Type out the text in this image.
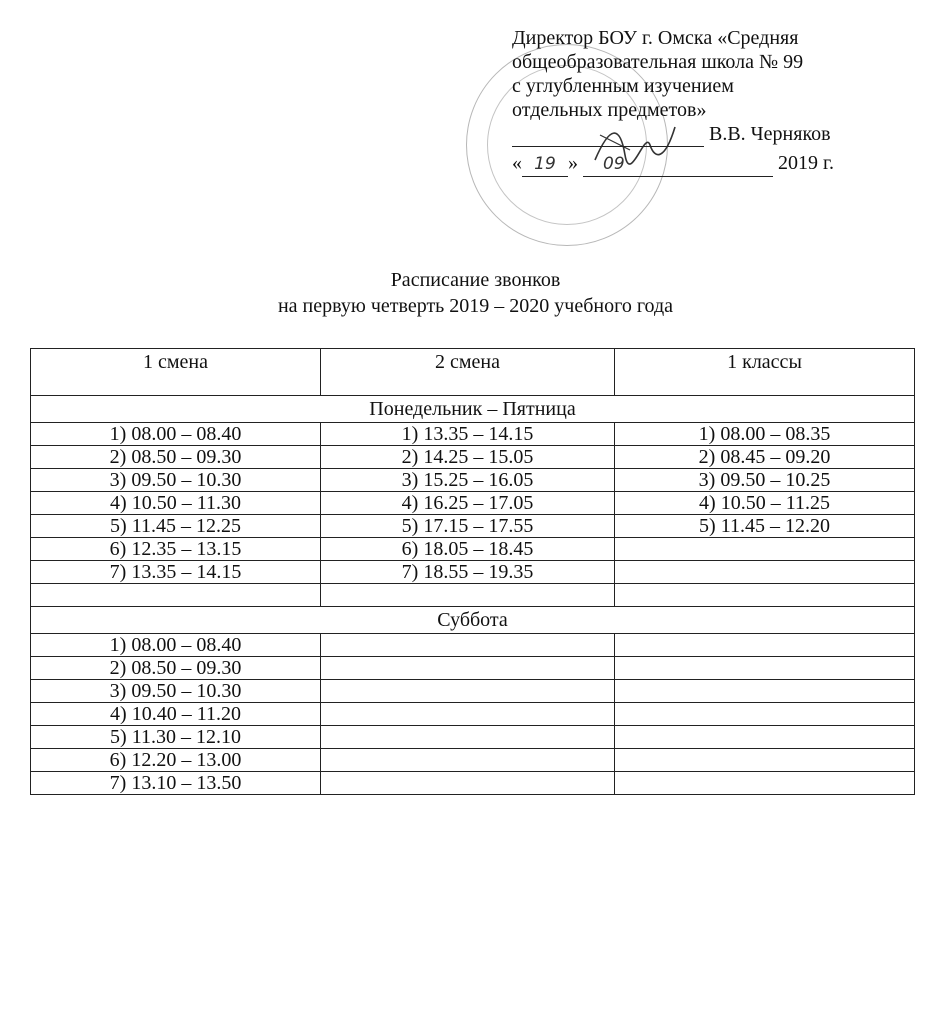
Директор БОУ г. Омска «Средняя
общеобразовательная школа № 99
с углубленным изучением
отдельных предметов»
В.В. Черняков
« 19 » 09	2019 г.
Расписание звонков
на первую четверть 2019 – 2020 учебного года
1 смена	2 смена	1 классы
Понедельник – Пятница		
1) 08.00 – 08.40	1) 13.35 – 14.15	1) 08.00 – 08.35
2) 08.50 – 09.30	2) 14.25 – 15.05	2) 08.45 – 09.20
3) 09.50 – 10.30	3) 15.25 – 16.05	3) 09.50 – 10.25
4) 10.50 – 11.30	4) 16.25 – 17.05	4) 10.50 – 11.25
5) 11.45 – 12.25	5) 17.15 – 17.55	5) 11.45 – 12.20
6) 12.35 – 13.15	6) 18.05 – 18.45	
7) 13.35 – 14.15	7) 18.55 – 19.35	

Суббота		
1) 08.00 – 08.40		
2) 08.50 – 09.30		
3) 09.50 – 10.30		
4) 10.40 – 11.20		
5) 11.30 – 12.10		
6) 12.20 – 13.00		
7) 13.10 – 13.50		
